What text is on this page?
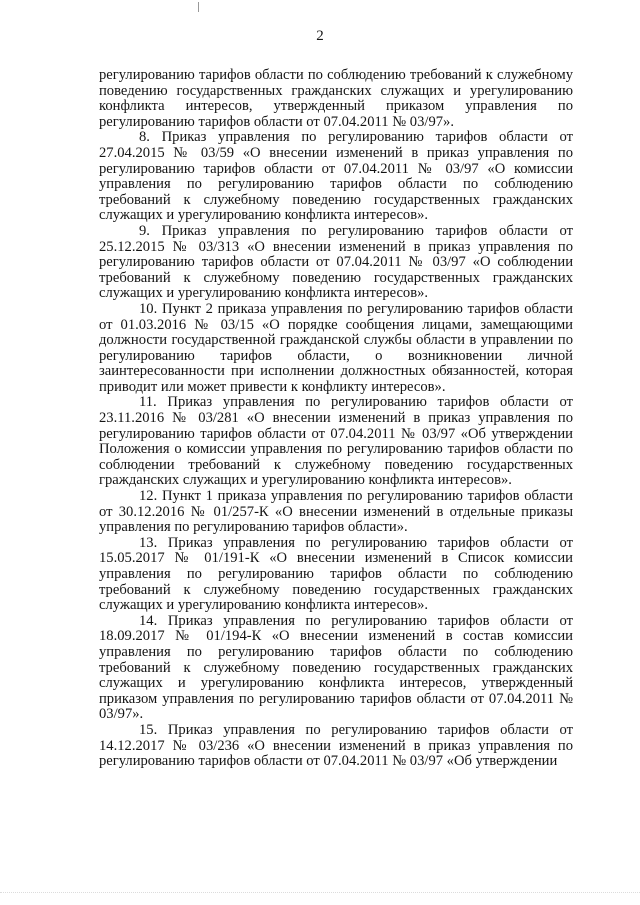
2

регулированию тарифов области по соблюдению требований к служебному поведению государственных гражданских служащих и урегулированию конфликта интересов, утвержденный приказом управления по регулированию тарифов области от 07.04.2011 № 03/97».

8. Приказ управления по регулированию тарифов области от 27.04.2015 № 03/59 «О внесении изменений в приказ управления по регулированию тарифов области от 07.04.2011 № 03/97 «О комиссии управления по регулированию тарифов области по соблюдению требований к служебному поведению государственных гражданских служащих и урегулированию конфликта интересов».

9. Приказ управления по регулированию тарифов области от 25.12.2015 № 03/313 «О внесении изменений в приказ управления по регулированию тарифов области от 07.04.2011 № 03/97 «О соблюдении требований к служебному поведению государственных гражданских служащих и урегулированию конфликта интересов».

10. Пункт 2 приказа управления по регулированию тарифов области от 01.03.2016 № 03/15 «О порядке сообщения лицами, замещающими должности государственной гражданской службы области в управлении по регулированию тарифов области, о возникновении личной заинтересованности при исполнении должностных обязанностей, которая приводит или может привести к конфликту интересов».

11. Приказ управления по регулированию тарифов области от 23.11.2016 № 03/281 «О внесении изменений в приказ управления по регулированию тарифов области от 07.04.2011 № 03/97 «Об утверждении Положения о комиссии управления по регулированию тарифов области по соблюдении требований к служебному поведению государственных гражданских служащих и урегулированию конфликта интересов».

12. Пункт 1 приказа управления по регулированию тарифов области от 30.12.2016 № 01/257-К «О внесении изменений в отдельные приказы управления по регулированию тарифов области».

13. Приказ управления по регулированию тарифов области от 15.05.2017 № 01/191-К «О внесении изменений в Список комиссии управления по регулированию тарифов области по соблюдению требований к служебному поведению государственных гражданских служащих и урегулированию конфликта интересов».

14. Приказ управления по регулированию тарифов области от 18.09.2017 № 01/194-К «О внесении изменений в состав комиссии управления по регулированию тарифов области по соблюдению требований к служебному поведению государственных гражданских служащих и урегулированию конфликта интересов, утвержденный приказом управления по регулированию тарифов области от 07.04.2011 № 03/97».

15. Приказ управления по регулированию тарифов области от 14.12.2017 № 03/236 «О внесении изменений в приказ управления по регулированию тарифов области от 07.04.2011 № 03/97 «Об утверждении
